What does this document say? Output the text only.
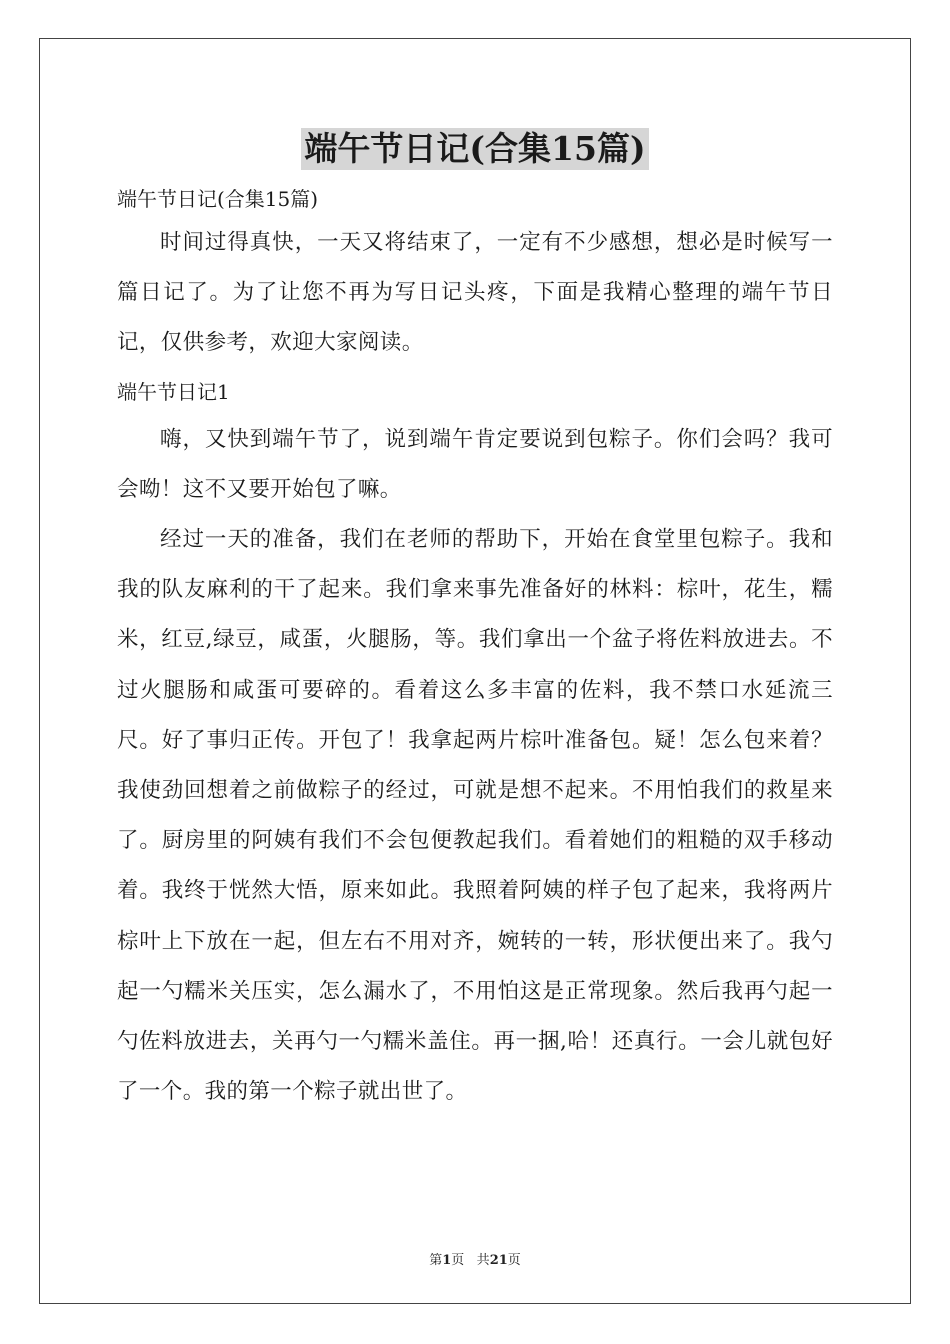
端午节日记(合集15篇)

端午节日记(合集15篇)

时间过得真快，一天又将结束了，一定有不少感想，想必是时候写一篇日记了。为了让您不再为写日记头疼，下面是我精心整理的端午节日记，仅供参考，欢迎大家阅读。

端午节日记1

嗨，又快到端午节了，说到端午肯定要说到包粽子。你们会吗？我可会呦！这不又要开始包了嘛。

经过一天的准备，我们在老师的帮助下，开始在食堂里包粽子。我和我的队友麻利的干了起来。我们拿来事先准备好的林料：棕叶，花生，糯米，红豆,绿豆，咸蛋，火腿肠，等。我们拿出一个盆子将佐料放进去。不过火腿肠和咸蛋可要碎的。看着这么多丰富的佐料，我不禁口水延流三尺。好了事归正传。开包了！我拿起两片棕叶准备包。疑！怎么包来着？我使劲回想着之前做粽子的经过，可就是想不起来。不用怕我们的救星来了。厨房里的阿姨有我们不会包便教起我们。看着她们的粗糙的双手移动着。我终于恍然大悟，原来如此。我照着阿姨的样子包了起来，我将两片棕叶上下放在一起，但左右不用对齐，婉转的一转，形状便出来了。我勺起一勺糯米关压实，怎么漏水了，不用怕这是正常现象。然后我再勺起一勺佐料放进去，关再勺一勺糯米盖住。再一捆,哈！还真行。一会儿就包好了一个。我的第一个粽子就出世了。

第1页 共21页
